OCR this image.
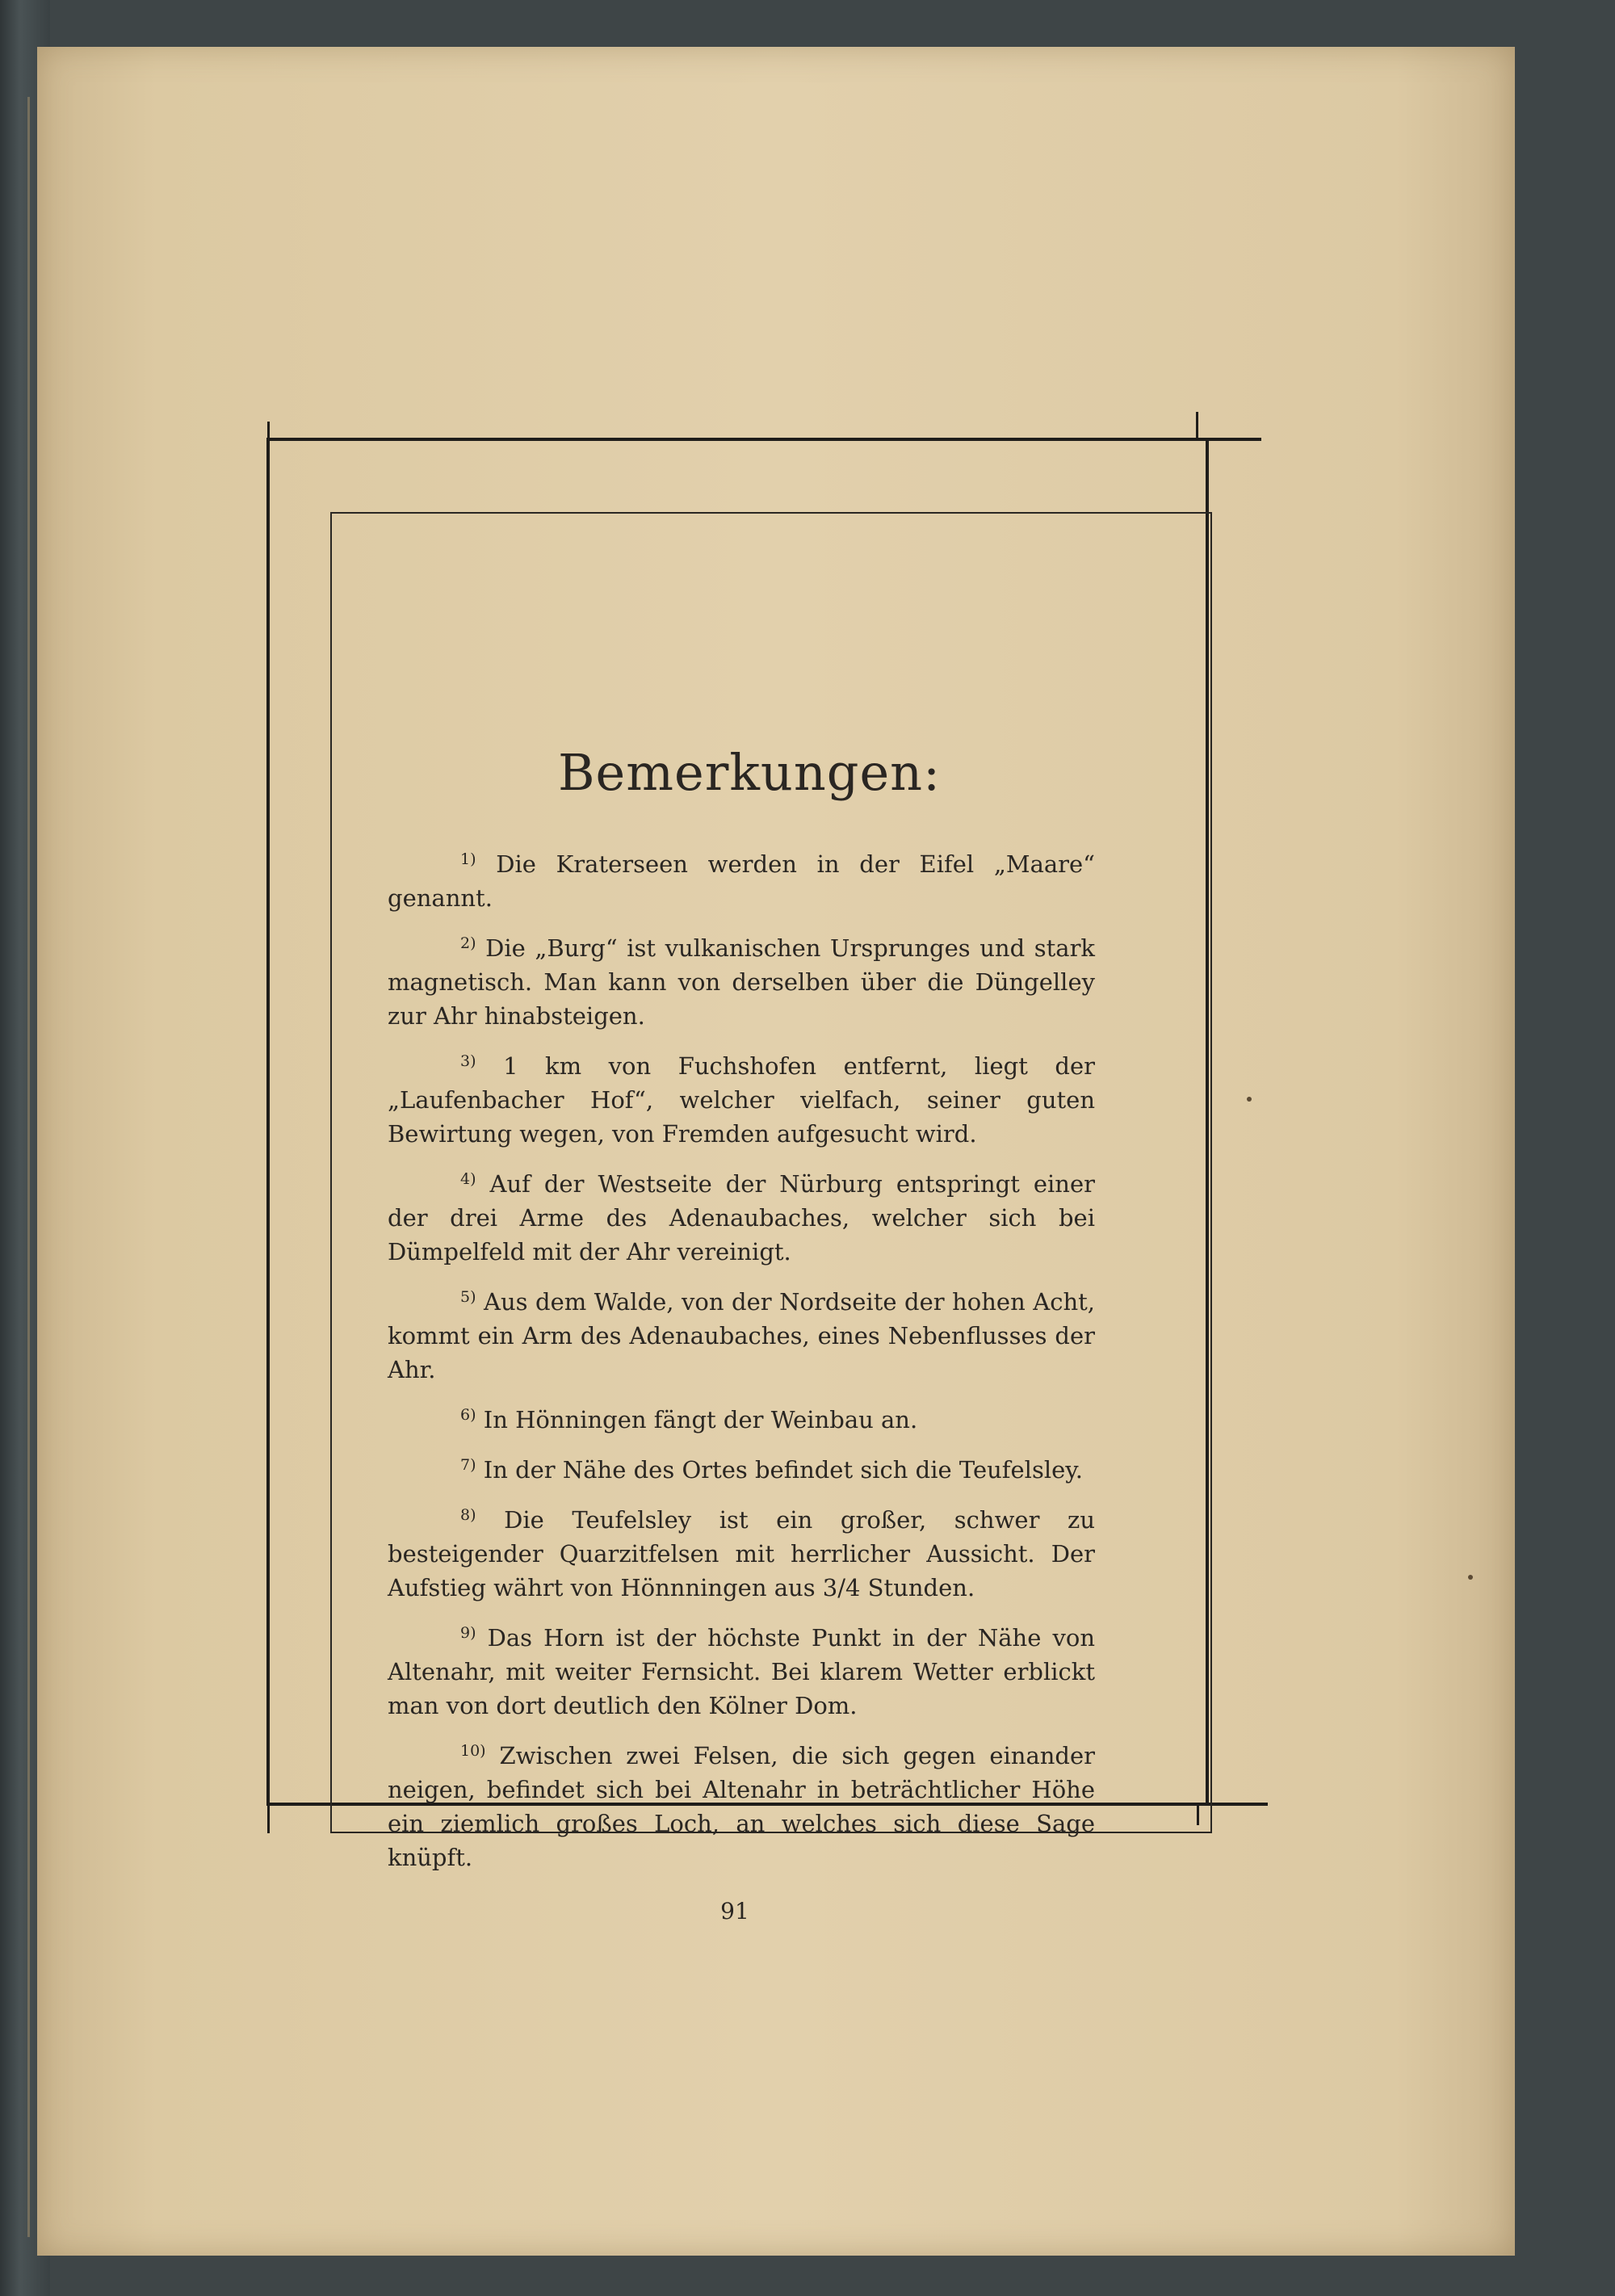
Bemerkungen:

$^{1)}$ Die Kraterseen werden in der Eifel „Maare“ genannt.

$^{2)}$ Die „Burg“ ist vulkanischen Ursprunges und stark magnetisch. Man kann von derselben über die Düngelley zur Ahr hinabsteigen.

$^{3)}$ 1 km von Fuchshofen entfernt, liegt der „Laufenbacher Hof“, welcher vielfach, seiner guten Bewirtung wegen, von Fremden aufgesucht wird.

$^{4)}$ Auf der Westseite der Nürburg entspringt einer der drei Arme des Adenaubaches, welcher sich bei Dümpelfeld mit der Ahr vereinigt.

$^{5)}$ Aus dem Walde, von der Nordseite der hohen Acht, kommt ein Arm des Adenaubaches, eines Nebenflusses der Ahr.

$^{6)}$ In Hönningen fängt der Weinbau an.

$^{7)}$ In der Nähe des Ortes befindet sich die Teufelsley.

$^{8)}$ Die Teufelsley ist ein großer, schwer zu besteigender Quarzitfelsen mit herrlicher Aussicht. Der Aufstieg währt von Hönnningen aus 3/4 Stunden.

$^{9)}$ Das Horn ist der höchste Punkt in der Nähe von Altenahr, mit weiter Fernsicht. Bei klarem Wetter erblickt man von dort deutlich den Kölner Dom.

$^{10)}$ Zwischen zwei Felsen, die sich gegen einander neigen, befindet sich bei Altenahr in beträchtlicher Höhe ein ziemlich großes Loch, an welches sich diese Sage knüpft.

91
